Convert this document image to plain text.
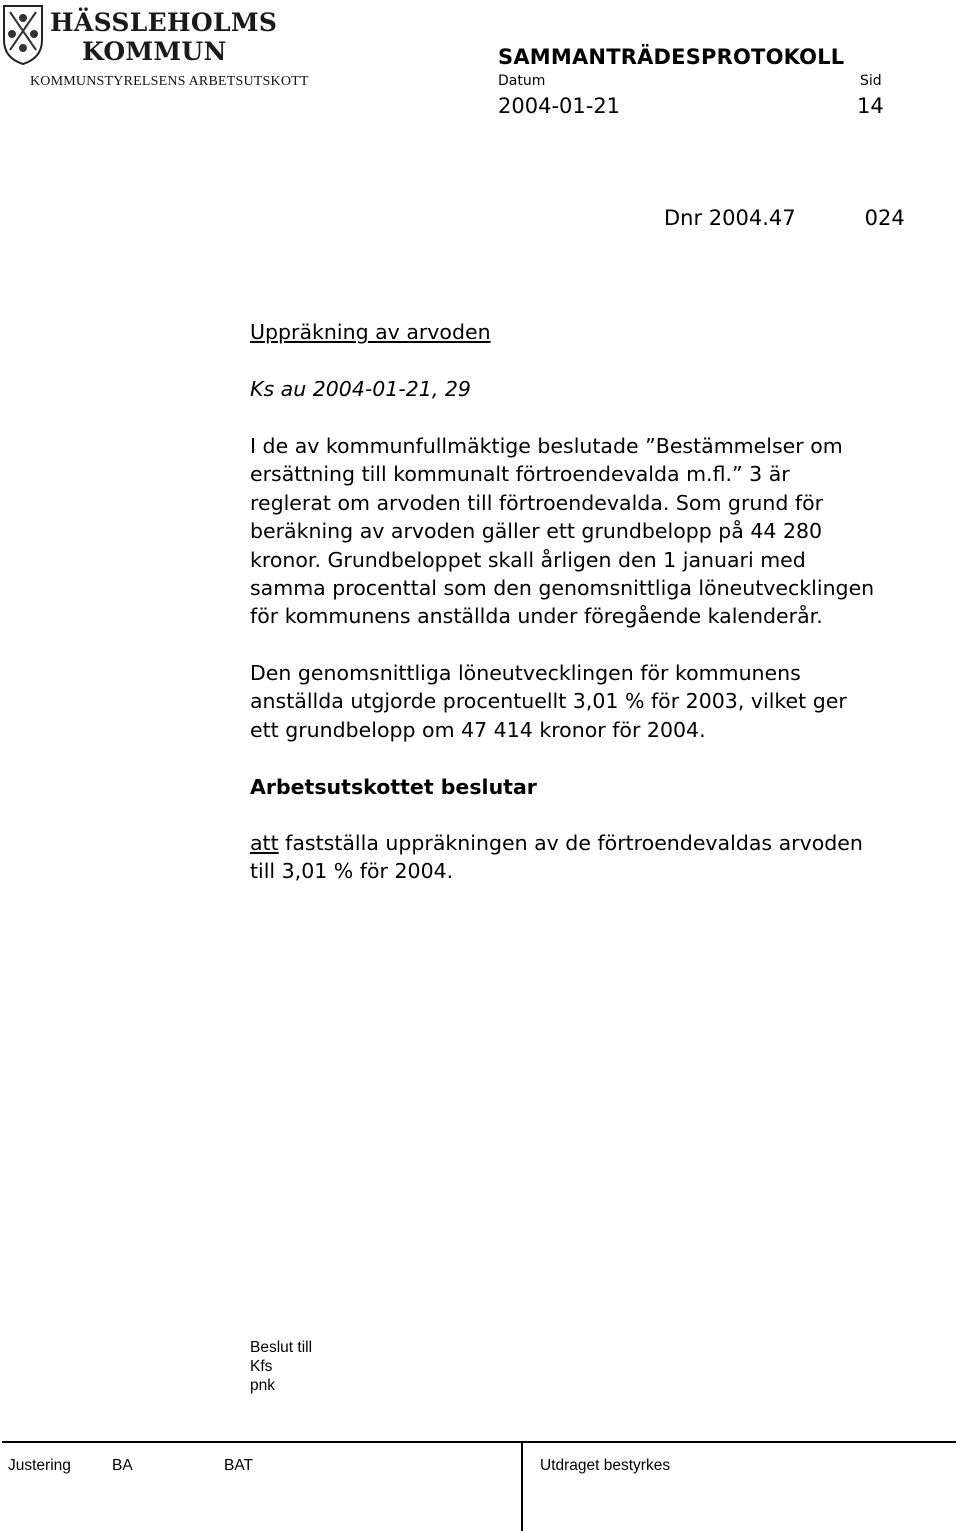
HÄSSLEHOLMS
KOMMUN
KOMMUNSTYRELSENS ARBETSUTSKOTT
SAMMANTRÄDESPROTOKOLL
Datum	Sid
2004-01-21	14
Dnr 2004.47	024
Uppräkning av arvoden
Ks au 2004-01-21, 29
I de av kommunfullmäktige beslutade ”Bestämmelser om
ersättning till kommunalt förtroendevalda m.fl.” 3 är
reglerat om arvoden till förtroendevalda. Som grund för
beräkning av arvoden gäller ett grundbelopp på 44 280
kronor. Grundbeloppet skall årligen den 1 januari med
samma procenttal som den genomsnittliga löneutvecklingen
för kommunens anställda under föregående kalenderår.
Den genomsnittliga löneutvecklingen för kommunens
anställda utgjorde procentuellt 3,01 % för 2003, vilket ger
ett grundbelopp om 47 414 kronor för 2004.
Arbetsutskottet beslutar
att fastställa uppräkningen av de förtroendevaldas arvoden
till 3,01 % för 2004.
Beslut till
Kfs
pnk
Justering	BA	BAT	Utdraget bestyrkes
